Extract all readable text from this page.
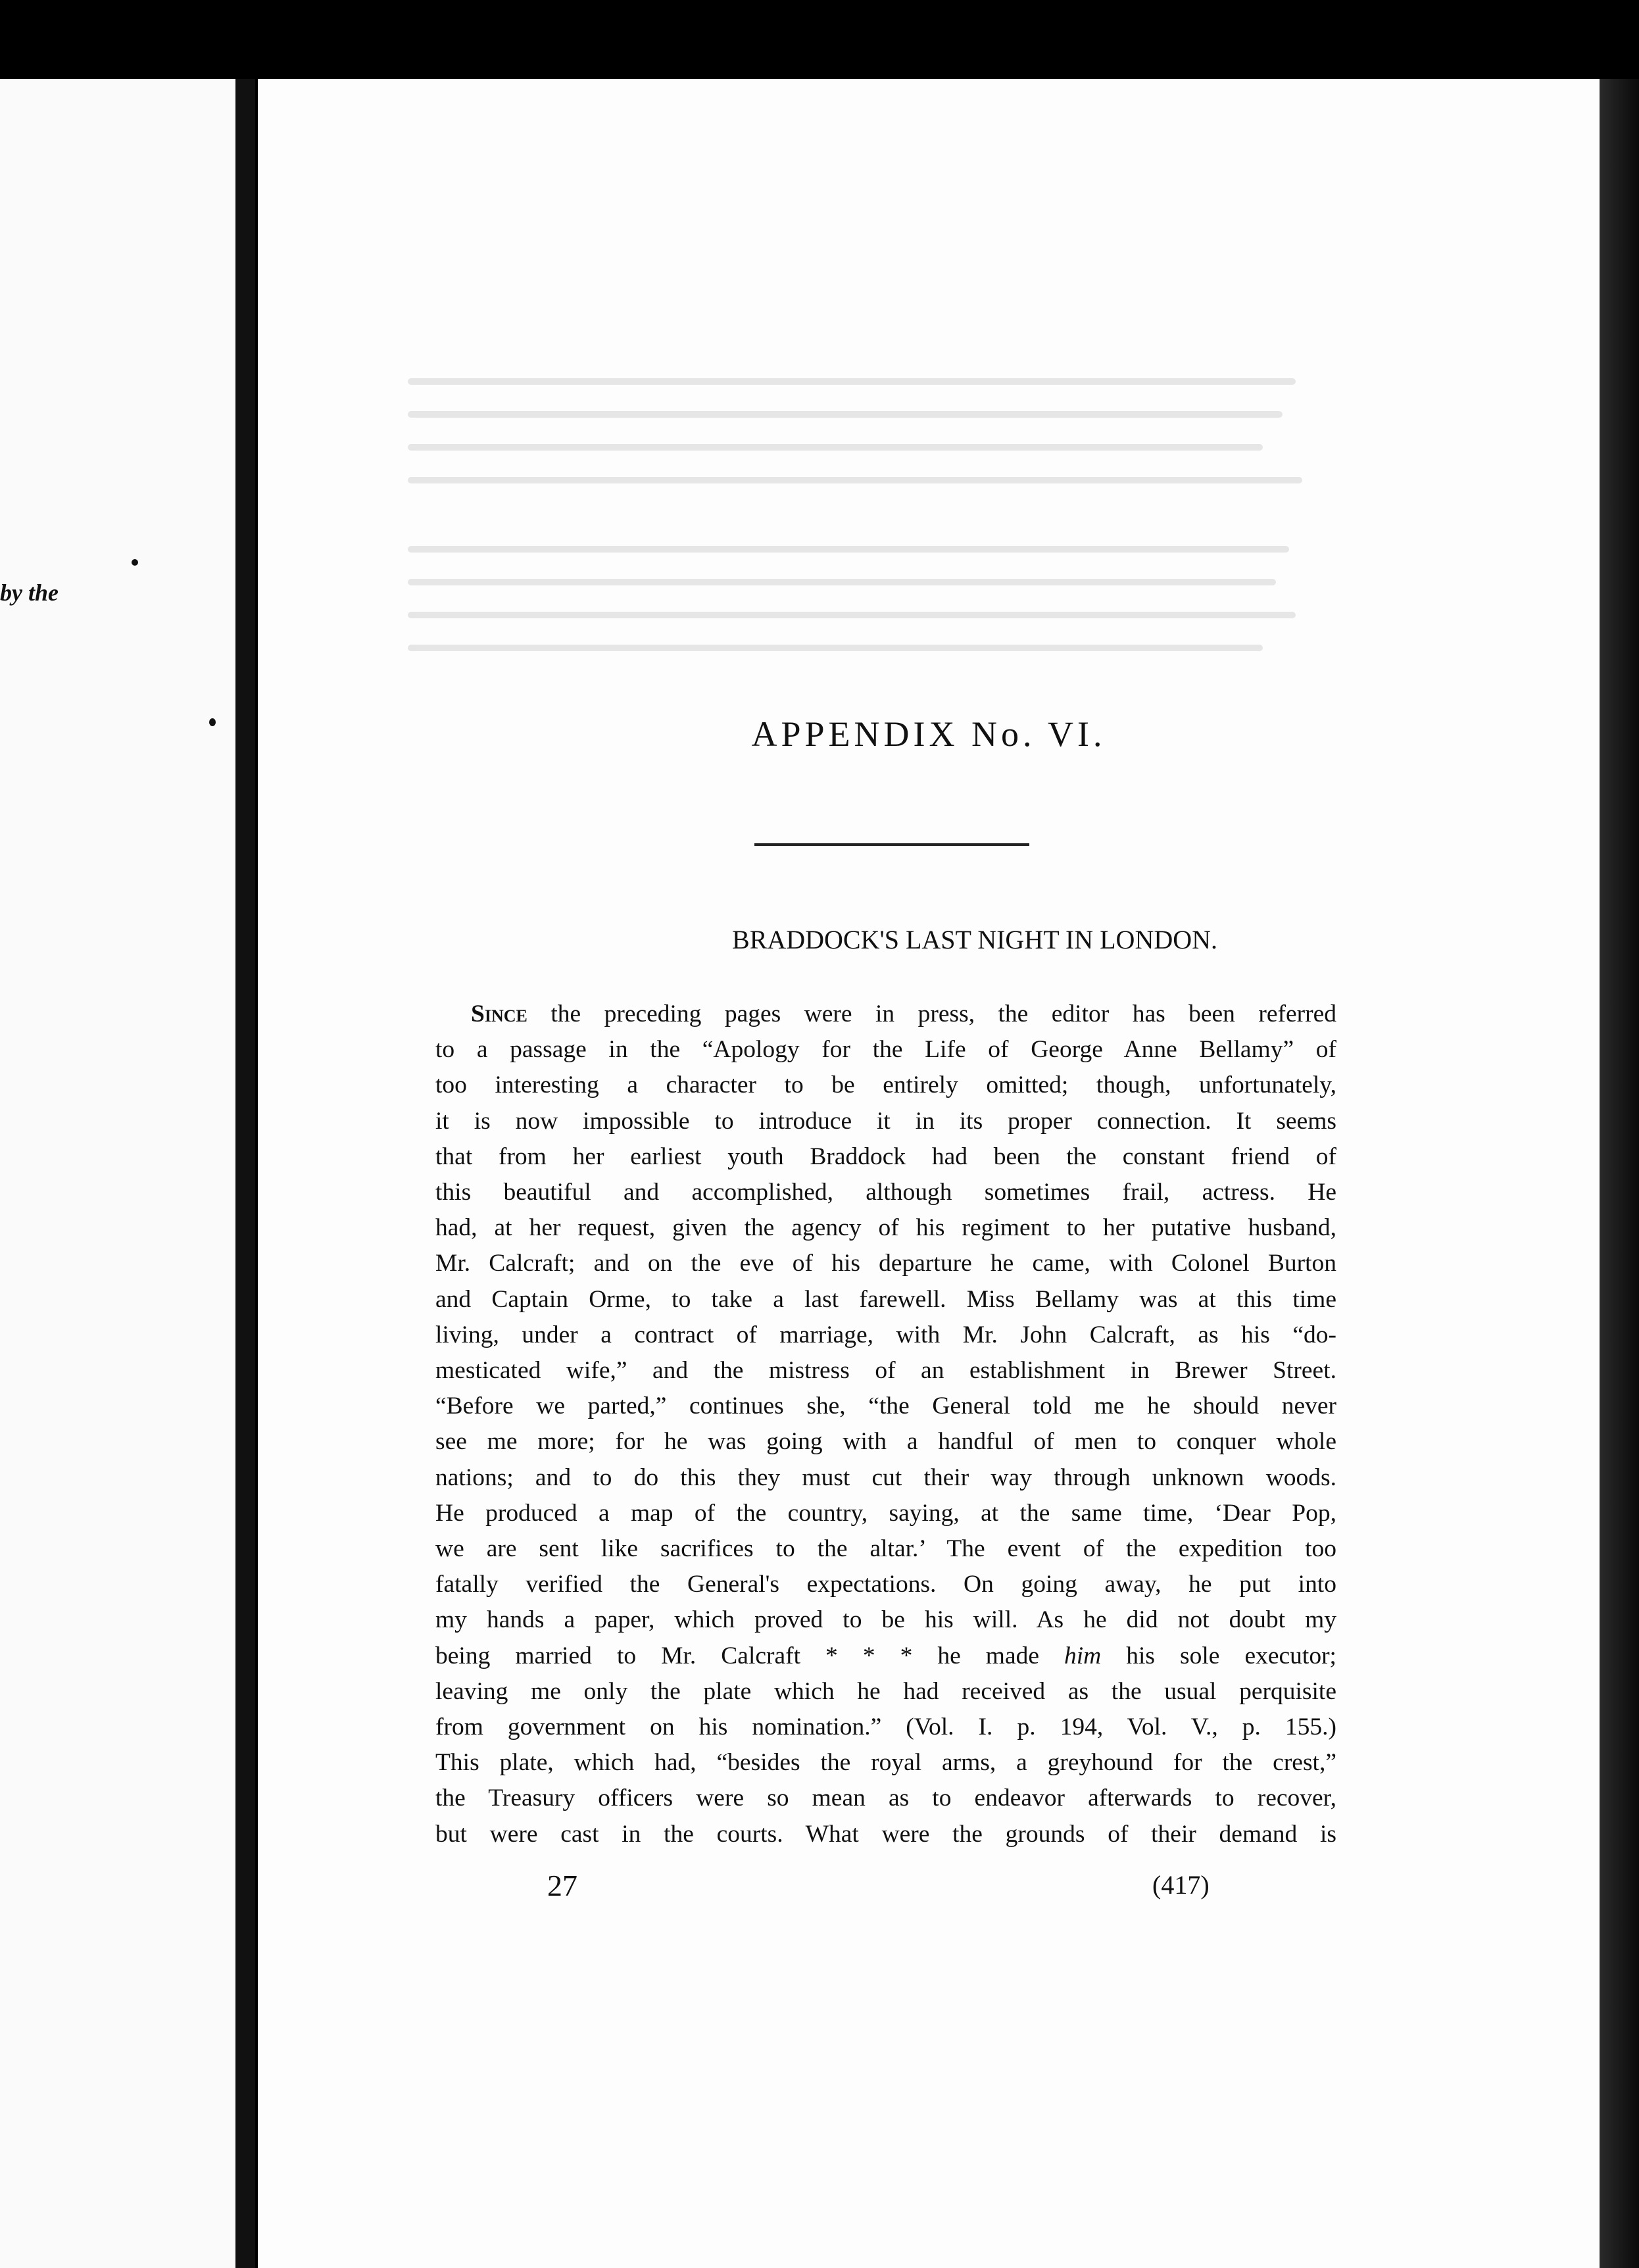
by the
APPENDIX No. VI.
BRADDOCK'S LAST NIGHT IN LONDON.
Since the preceding pages were in press, the editor has been referred
to a passage in the “Apology for the Life of George Anne Bellamy” of
too interesting a character to be entirely omitted; though, unfortunately,
it is now impossible to introduce it in its proper connection. It seems
that from her earliest youth Braddock had been the constant friend of
this beautiful and accomplished, although sometimes frail, actress. He
had, at her request, given the agency of his regiment to her putative husband,
Mr. Calcraft; and on the eve of his departure he came, with Colonel Burton
and Captain Orme, to take a last farewell. Miss Bellamy was at this time
living, under a contract of marriage, with Mr. John Calcraft, as his “do-
mesticated wife,” and the mistress of an establishment in Brewer Street.
“Before we parted,” continues she, “the General told me he should never
see me more; for he was going with a handful of men to conquer whole
nations; and to do this they must cut their way through unknown woods.
He produced a map of the country, saying, at the same time, ‘Dear Pop,
we are sent like sacrifices to the altar.’ The event of the expedition too
fatally verified the General's expectations. On going away, he put into
my hands a paper, which proved to be his will. As he did not doubt my
being married to Mr. Calcraft * * * he made him his sole executor;
leaving me only the plate which he had received as the usual perquisite
from government on his nomination.” (Vol. I. p. 194, Vol. V., p. 155.)
This plate, which had, “besides the royal arms, a greyhound for the crest,”
the Treasury officers were so mean as to endeavor afterwards to recover,
but were cast in the courts. What were the grounds of their demand is
27	(417)
